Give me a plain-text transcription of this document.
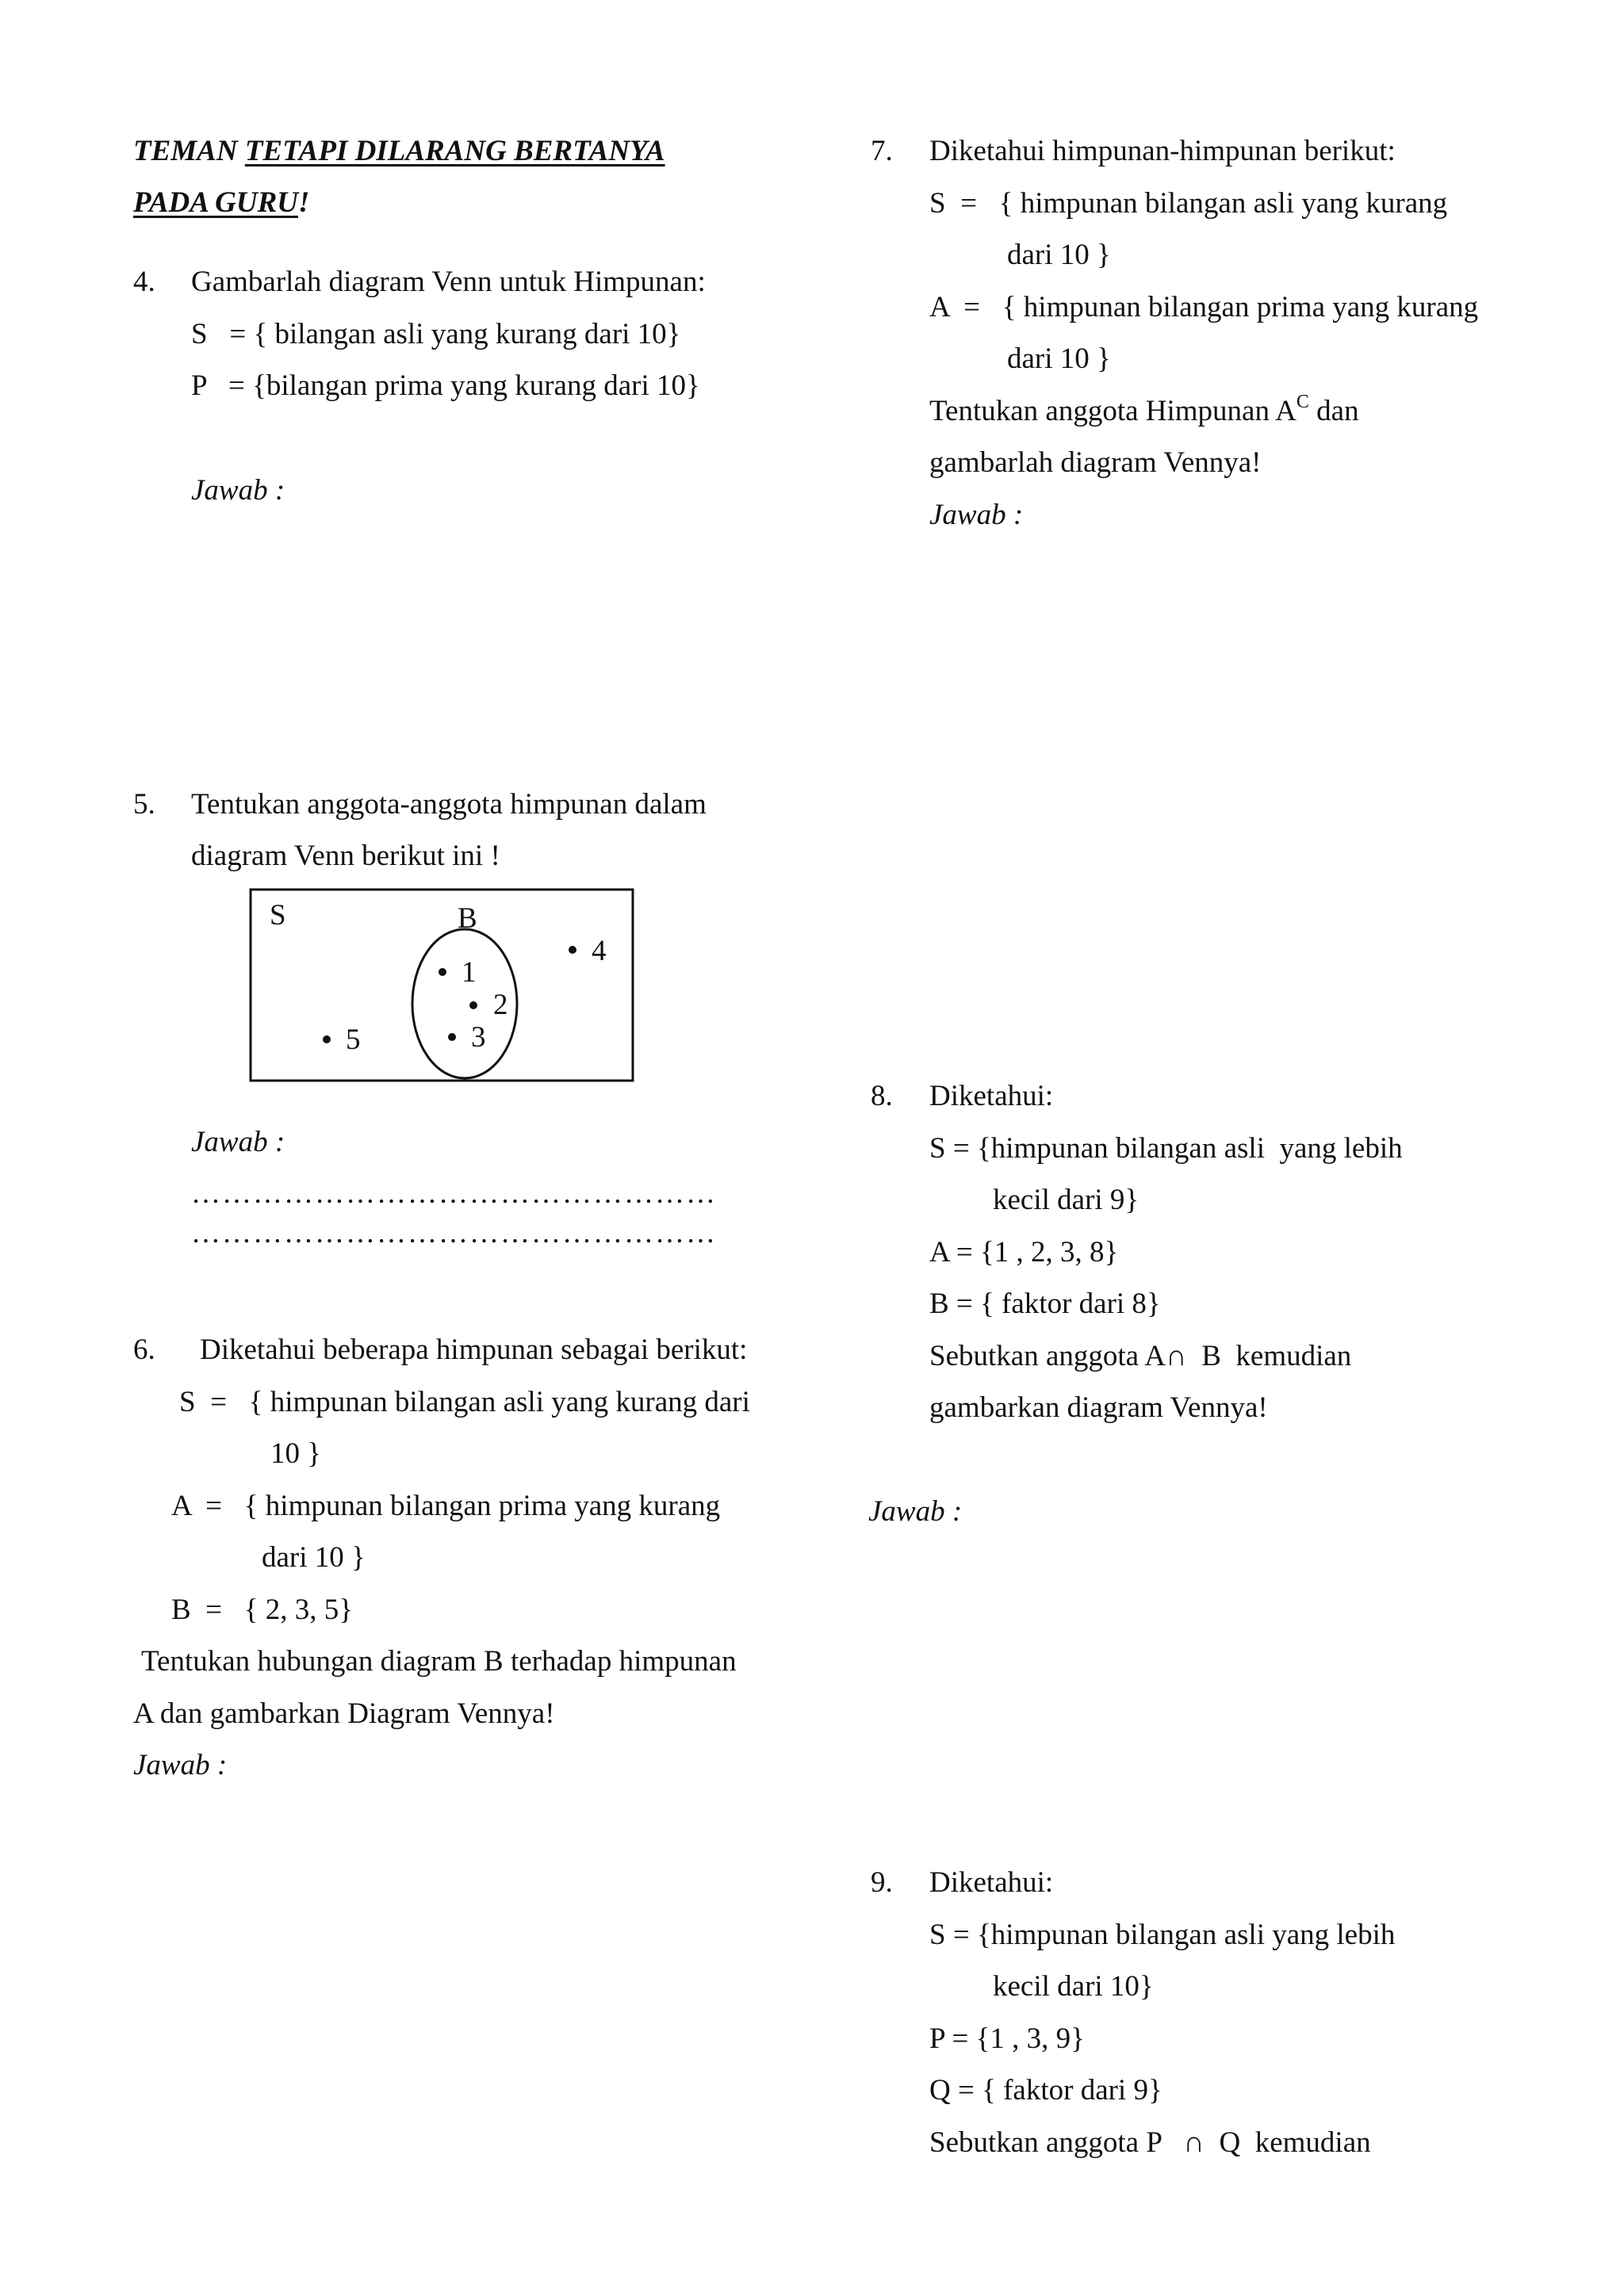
TEMAN TETAPI DILARANG BERTANYA
PADA GURU!
4. Gambarlah diagram Venn untuk Himpunan:
S   = { bilangan asli yang kurang dari 10}
P   = {bilangan prima yang kurang dari 10}
Jawab :
5. Tentukan anggota-anggota himpunan dalam
diagram Venn berikut ini !
S	B
1
2
3
4
5
Jawab :
……………………………………………
……………………………………………
6. Diketahui beberapa himpunan sebagai berikut:
S  =   { himpunan bilangan asli yang kurang dari
10 }
A  =   { himpunan bilangan prima yang kurang
dari 10 }
B  =   { 2, 3, 5}
Tentukan hubungan diagram B terhadap himpunan
A dan gambarkan Diagram Vennya!
Jawab :
7. Diketahui himpunan-himpunan berikut:
S  =   { himpunan bilangan asli yang kurang
dari 10 }
A  =   { himpunan bilangan prima yang kurang
dari 10 }
Tentukan anggota Himpunan $A^C$ dan
gambarlah diagram Vennya!
Jawab :
8. Diketahui:
S = {himpunan bilangan asli  yang lebih
kecil dari 9}
A = {1 , 2, 3, 8}
B = { faktor dari 8}
Sebutkan anggota A∩  B  kemudian
gambarkan diagram Vennya!
Jawab :
9. Diketahui:
S = {himpunan bilangan asli yang lebih
kecil dari 10}
P = {1 , 3, 9}
Q = { faktor dari 9}
Sebutkan anggota P   ∩  Q  kemudian
